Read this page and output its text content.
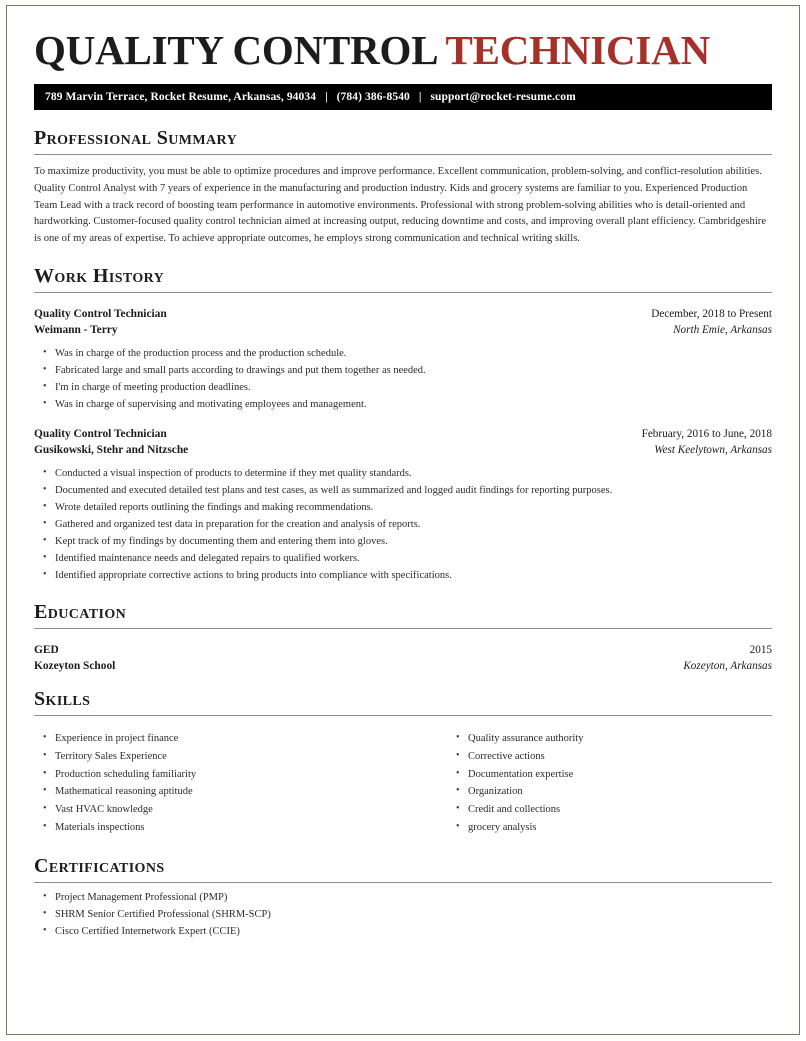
QUALITY CONTROL TECHNICIAN
789 Marvin Terrace, Rocket Resume, Arkansas, 94034 | (784) 386-8540 | support@rocket-resume.com
Professional Summary

To maximize productivity, you must be able to optimize procedures and improve performance. Excellent communication, problem-solving, and conflict-resolution abilities. Quality Control Analyst with 7 years of experience in the manufacturing and production industry. Kids and grocery systems are familiar to you. Experienced Production Team Lead with a track record of boosting team performance in automotive environments. Professional with strong problem-solving abilities who is detail-oriented and hardworking. Customer-focused quality control technician aimed at increasing output, reducing downtime and costs, and improving overall plant efficiency. Cambridgeshire is one of my areas of expertise. To achieve appropriate outcomes, he employs strong communication and technical writing skills.

Work History
Quality Control Technician	December, 2018 to Present
Weimann - Terry	North Emie, Arkansas
• Was in charge of the production process and the production schedule.
• Fabricated large and small parts according to drawings and put them together as needed.
• I'm in charge of meeting production deadlines.
• Was in charge of supervising and motivating employees and management.
Quality Control Technician	February, 2016 to June, 2018
Gusikowski, Stehr and Nitzsche	West Keelytown, Arkansas
• Conducted a visual inspection of products to determine if they met quality standards.
• Documented and executed detailed test plans and test cases, as well as summarized and logged audit findings for reporting purposes.
• Wrote detailed reports outlining the findings and making recommendations.
• Gathered and organized test data in preparation for the creation and analysis of reports.
• Kept track of my findings by documenting them and entering them into gloves.
• Identified maintenance needs and delegated repairs to qualified workers.
• Identified appropriate corrective actions to bring products into compliance with specifications.
Education
GED	2015
Kozeyton School	Kozeyton, Arkansas
Skills
• Experience in project finance
• Territory Sales Experience
• Production scheduling familiarity
• Mathematical reasoning aptitude
• Vast HVAC knowledge
• Materials inspections
• Quality assurance authority
• Corrective actions
• Documentation expertise
• Organization
• Credit and collections
• grocery analysis
Certifications
• Project Management Professional (PMP)
• SHRM Senior Certified Professional (SHRM-SCP)
• Cisco Certified Internetwork Expert (CCIE)
